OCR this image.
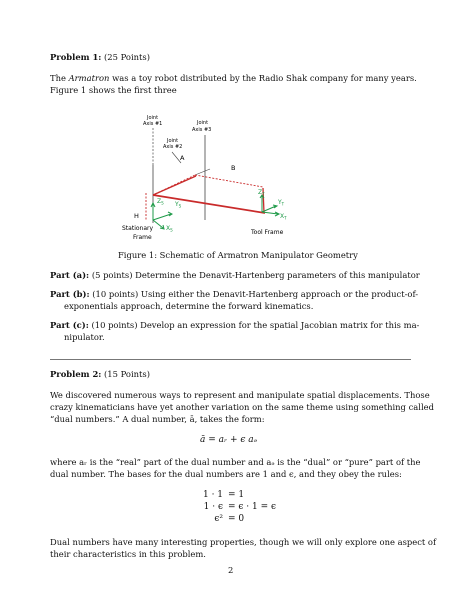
Problem 1: (25 Points)
The Armatron was a toy robot distributed by the Radio Shak company for many years.
Figure 1 shows the first three
Joint
Axis #1
Joint
Axis #2
Joint
Axis #3
A
B
H
$Z_T$
$Y_T$
$X_T$
Tool Frame
$Z_S$ $Y_S$
$X_S$
Stationary
Frame
Figure 1: Schematic of Armatron Manipulator Geometry
Part (a): (5 points) Determine the Denavit-Hartenberg parameters of this manipulator
Part (b): (10 points) Using either the Denavit-Hartenberg approach or the product-of-
exponentials approach, determine the forward kinematics.
Part (c): (10 points) Develop an expression for the spatial Jacobian matrix for this ma-
nipulator.
Problem 2: (15 Points)
We discovered numerous ways to represent and manipulate spatial displacements. Those
crazy kinematicians have yet another variation on the same theme using something called
“dual numbers.” A dual number, ā, takes the form:
ā = aᵣ + ϵ aₔ
where aᵣ is the “real” part of the dual number and aₔ is the “dual” or “pure” part of the
dual number. The bases for the dual numbers are 1 and ϵ, and they obey the rules:
1 · 1 = 1
1 · ϵ = ϵ · 1 = ϵ
ϵ² = 0
Dual numbers have many interesting properties, though we will only explore one aspect of
their characteristics in this problem.
2
